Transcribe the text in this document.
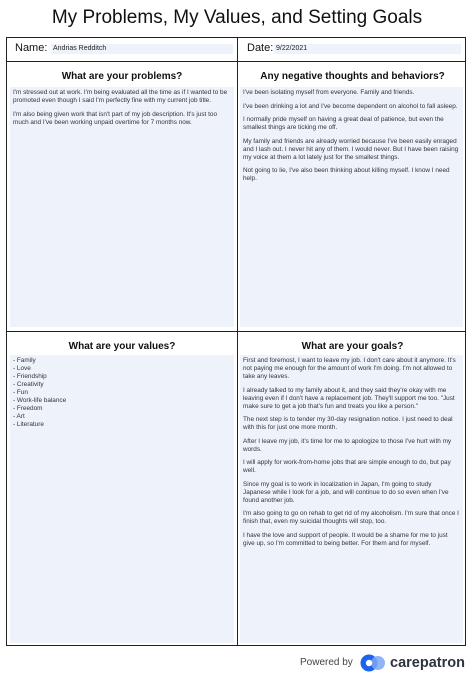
My Problems, My Values, and Setting Goals
Name: Andrias Redditch	Date: 9/22/2021
What are your problems?

I'm stressed out at work. I'm being evaluated all the time as if I wanted to be promoted even though I said I'm perfectly fine with my current job title.

I'm also being given work that isn't part of my job description. It's just too much and I've been working unpaid overtime for 7 months now.

Any negative thoughts and behaviors?

I've been isolating myself from everyone. Family and friends.

I've been drinking a lot and I've become dependent on alcohol to fall asleep.

I normally pride myself on having a great deal of patience, but even the smallest things are ticking me off.

My family and friends are already worried because I've been easily enraged and I lash out. I never hit any of them. I would never. But I have been raising my voice at them a lot lately just for the smallest things.

Not going to lie, I've also been thinking about killing myself. I know I need help.

What are your values?
- Family
- Love
- Friendship
- Creativity
- Fun
- Work-life balance
- Freedom
- Art
- Literature
What are your goals?

First and foremost, I want to leave my job. I don't care about it anymore. It's not paying me enough for the amount of work I'm doing. I'm not allowed to take any leaves.

I already talked to my family about it, and they said they're okay with me leaving even if I don't have a replacement job. They'll support me too. "Just make sure to get a job that's fun and treats you like a person."

The next step is to tender my 30-day resignation notice. I just need to deal with this for just one more month.

After I leave my job, it's time for me to apologize to those I've hurt with my words.

I will apply for work-from-home jobs that are simple enough to do, but pay well.

Since my goal is to work in localization in Japan, I'm going to study Japanese while I look for a job, and will continue to do so even when I've found another job.

I'm also going to go on rehab to get rid of my alcoholism. I'm sure that once I finish that, even my suicidal thoughts will stop, too.

I have the love and support of people. It would be a shame for me to just give up, so I'm committed to being better. For them and for myself.

Powered by	carepatron
